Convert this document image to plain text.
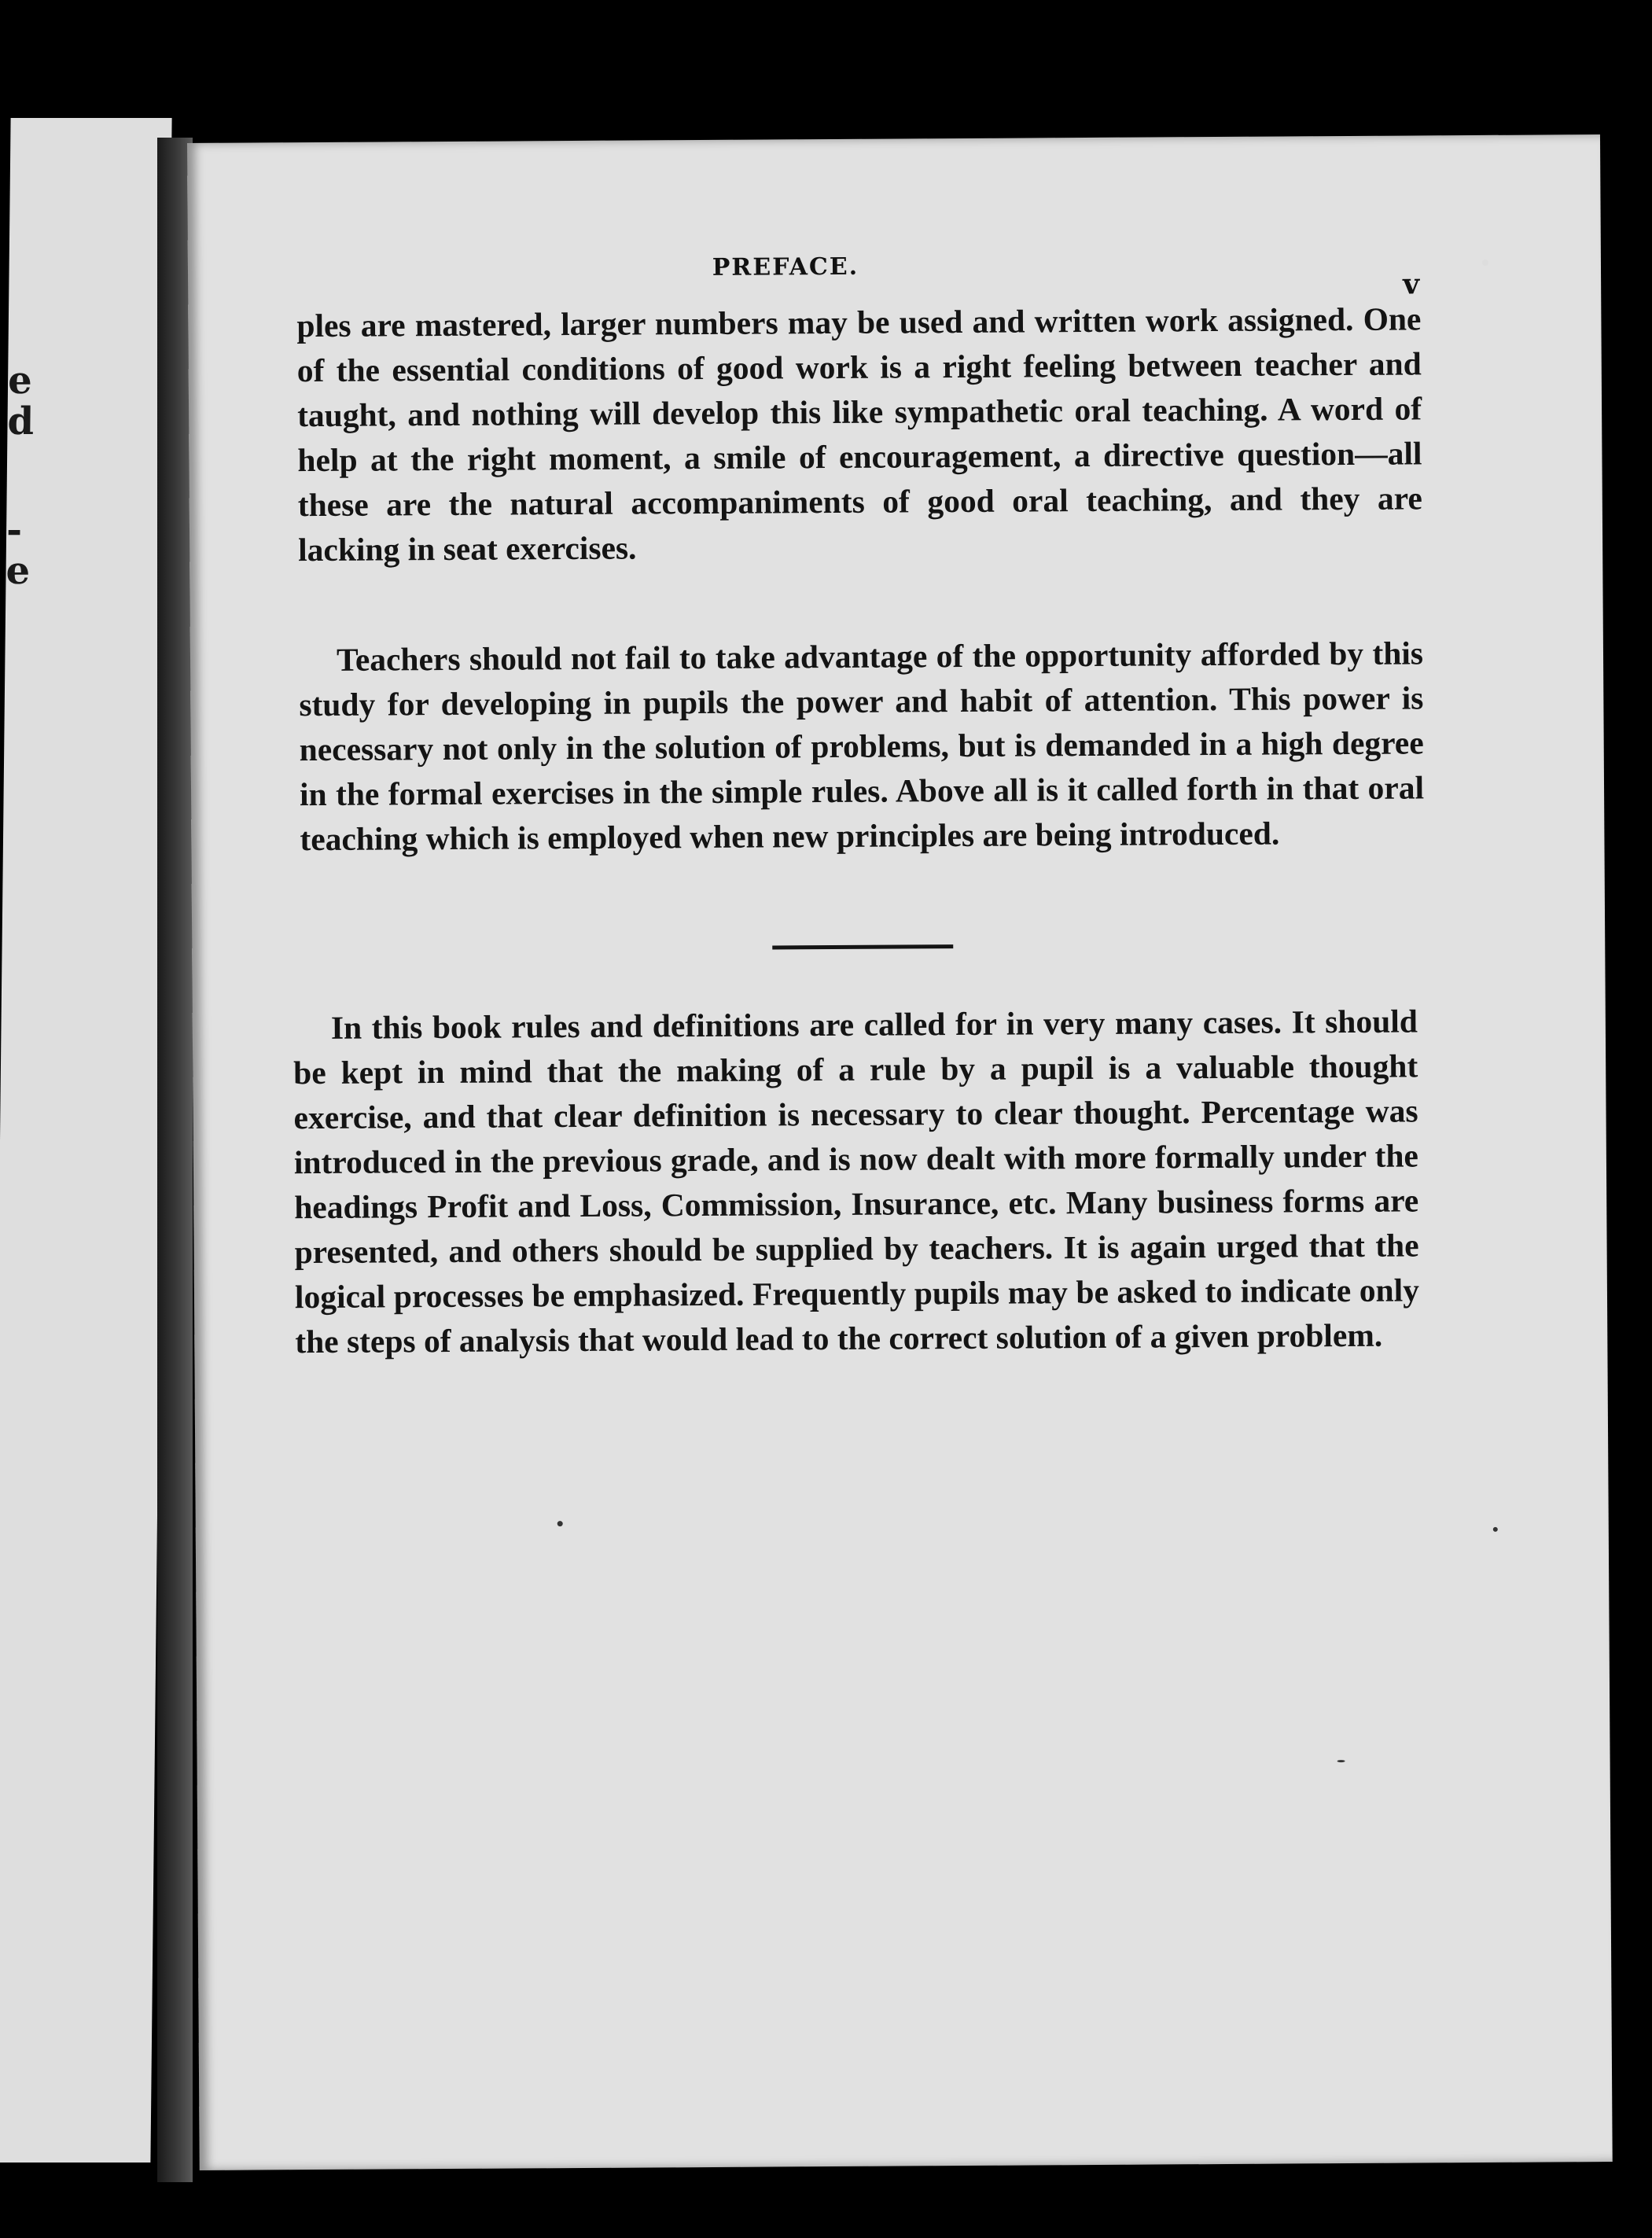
e
d
-
e
PREFACE.
v

ples are mastered, larger numbers may be used and written work assigned. One of the essential conditions of good work is a right feeling between teacher and taught, and nothing will develop this like sympathetic oral teaching. A word of help at the right moment, a smile of encouragement, a directive question—all these are the natural accompaniments of good oral teaching, and they are lacking in seat exercises.

Teachers should not fail to take advantage of the opportunity afforded by this study for developing in pupils the power and habit of attention. This power is necessary not only in the solution of problems, but is demanded in a high degree in the formal exercises in the simple rules. Above all is it called forth in that oral teaching which is employed when new principles are being introduced.

In this book rules and definitions are called for in very many cases. It should be kept in mind that the making of a rule by a pupil is a valuable thought exercise, and that clear definition is necessary to clear thought. Percentage was introduced in the previous grade, and is now dealt with more formally under the headings Profit and Loss, Commission, Insurance, etc. Many business forms are presented, and others should be supplied by teachers. It is again urged that the logical processes be emphasized. Frequently pupils may be asked to indicate only the steps of analysis that would lead to the correct solution of a given problem.
